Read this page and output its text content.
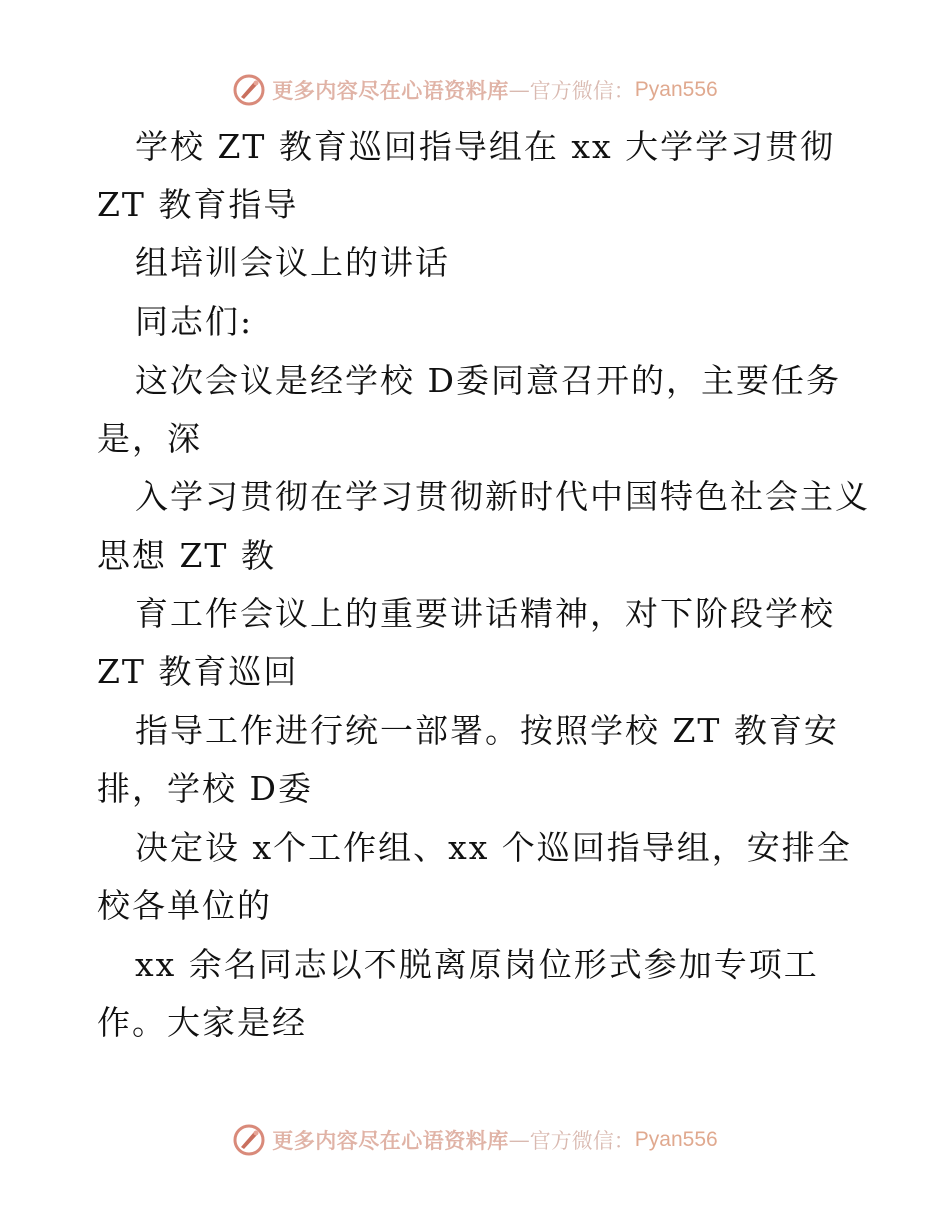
更多内容尽在心语资料库 — 官方微信： Pyan556
学校 ZT 教育巡回指导组在 xx 大学学习贯彻
ZT 教育指导
组培训会议上的讲话
同志们:
这次会议是经学校 D委同意召开的，主要任务
是，深
入学习贯彻在学习贯彻新时代中国特色社会主义
思想 ZT 教
育工作会议上的重要讲话精神，对下阶段学校
ZT 教育巡回
指导工作进行统一部署。按照学校 ZT 教育安
排，学校 D委
决定设 x个工作组、xx 个巡回指导组，安排全
校各单位的
xx 余名同志以不脱离原岗位形式参加专项工
作。大家是经
更多内容尽在心语资料库 — 官方微信： Pyan556
